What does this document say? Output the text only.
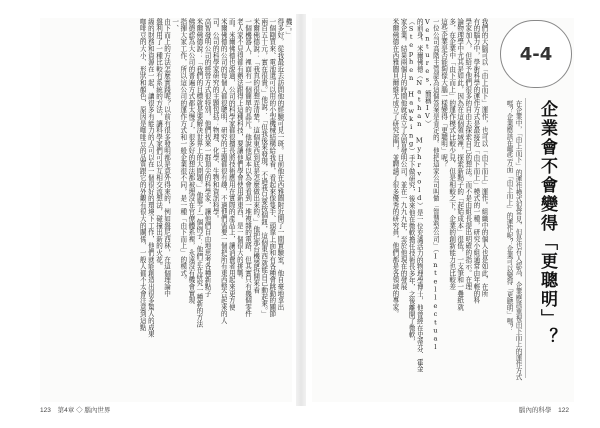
機」。」

得多好，從我最近去訪問他的經驗可見一斑。目前他在西雅圖附近開了一間實驗室，他自豪地拿出

一個剛買來、電池還可以用的小型機械結構給我看，看起來像隻手、頭靠上面和有各種會跳動的關節

兩百五十元，實在很貴。」他說：「但我後來發現，不過我只要按個鈕，這個東西就能自己動起來。」

米爾佛德說：「我真的很想弄清楚，這個東西到底是怎麼做出來的。」他把那台機器拆開來看

一個機器人，裡面有一個簡單的晶片。他說他原本以為會看到一堆複雜的電路，但其實只有幾個零件

老人家不見得都有辦法跟得上這種科技，要讓他們學會使用新東西，是一個很大的挑戰。

而。米爾佛德也說過，公司的科學家都很擅長將技術應用在實際的產品上，讓消費者用起來更方便

米爾佛德的公司的每個人都很聰明，研究的主題都很有趣，不過他們需要一個把所有東西整合起來的人

司。公司的科學家研究的主題包括：物理、化學、生物和資訊科學。

高智發明公司的經營方式很特別，他們找來一群頂尖的科學家，讓他們自由地思考各種新點子

米爾佛德說：「我們的目標就是要解決世界上的大問題。」他舉了一個例子：他們正在研究一種新的方法

佛德認為大公司的普遍方式都太慢了，很多好的想法都被埋沒在官僚體系裡，永遠沒有機會實現

指揮大家工作，所以這公司的運作方式和一般企業很不同，是一種「由下而上」的模式。

一、

由下而上的方法怎麼實踐呢？以前有很多發明都是意外得來的，例如盤尼西林，在這個理論中

盤利用了一種比較有系統的方法，讓科學家們可以互相交流想法，碰撞出新的火花。

級的財務和資源在一起，讓很多有能力的人可以在一個很好的環境下工作，他們就能創造出很多驚人的成果

咖啡豆的大小、形狀和顏色，原因是咖啡豆的品質跟它的外觀有很大的關係，一般人都不太會注意到這點	4-4
企業會不會變得「更聰明」？

在企業中，「由上而下」的運作模式很常見，但是也有人認為，企業應該重視由下而上的運作方式

嗎？企業應該在哪些方面「由下而上」的運作呢？企業可以變得「更聰明」嗎？

我們的大腦可以「由上而下」運作，也可以「由下而上」運作。組織中的個人也是如此，在所

有的腦力中，學術科學的運作方式是最接近「由下而上」模式的一種，研究小組通常由年輕的科

學家加入，但給予他們很多的自由去探索自己的想法。而不是由組長提出明確的指示。在理

論物理學中尤其是如此，因為在這個領域裡，探索新點子的「起始成本」很低，一支筆和一疊紙就

多，在企業中「由下而上」的運作模式比較少見，但是相較之下，企業的創新能力也比較差

這些企業是否能夠像大腦一樣變得「更聰明」呢？

一位公司高階主管認為這個答案是肯定的。他把這家公司叫做「智慧型公司」（Intellectual Ventures，簡稱IV）

的前身。米爾佛德（Nathan Myhrvold）是一位充滿活力的物理學博士，他曾經在史蒂芬．霍金

（Stephen Hawking）手下做研究，後來他在微軟擔任技術長多年，之後離開了微軟，

家企業。結果兩個月的時間他就成立了高智發明公司，並在一九九九年，至於他現在的發展

米爾佛德在西雅圖貝爾維尤成立了研究部門，並聘請了很多優秀的研究員，他們都是各領域的專家。

123 第4章 ◇ 腦內世界	腦內的科學 122
